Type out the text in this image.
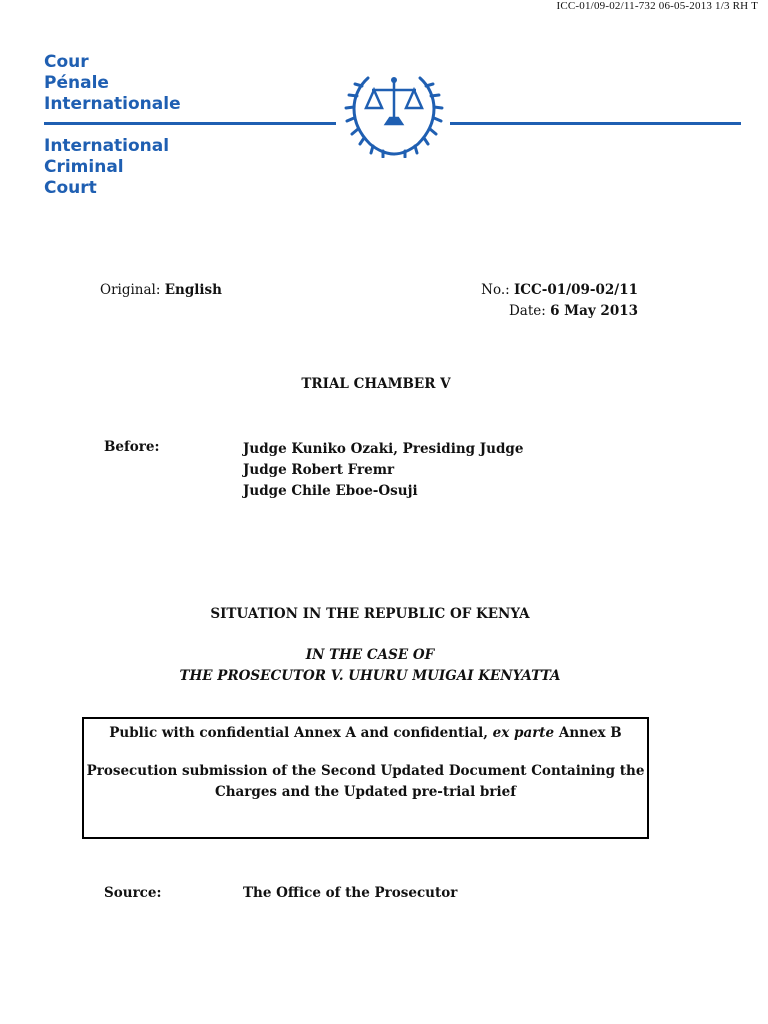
ICC-01/09-02/11-732 06-05-2013 1/3 RH T
Cour
Pénale
Internationale
International
Criminal
Court
Original: English	No.: ICC-01/09-02/11
Date: 6 May 2013
TRIAL CHAMBER V
Before:	Judge Kuniko Ozaki, Presiding Judge
Judge Robert Fremr
Judge Chile Eboe-Osuji
SITUATION IN THE REPUBLIC OF KENYA
IN THE CASE OF
THE PROSECUTOR V. UHURU MUIGAI KENYATTA
Public with confidential Annex A and confidential, ex parte Annex B
Prosecution submission of the Second Updated Document Containing the
Charges and the Updated pre-trial brief
Source:	The Office of the Prosecutor
